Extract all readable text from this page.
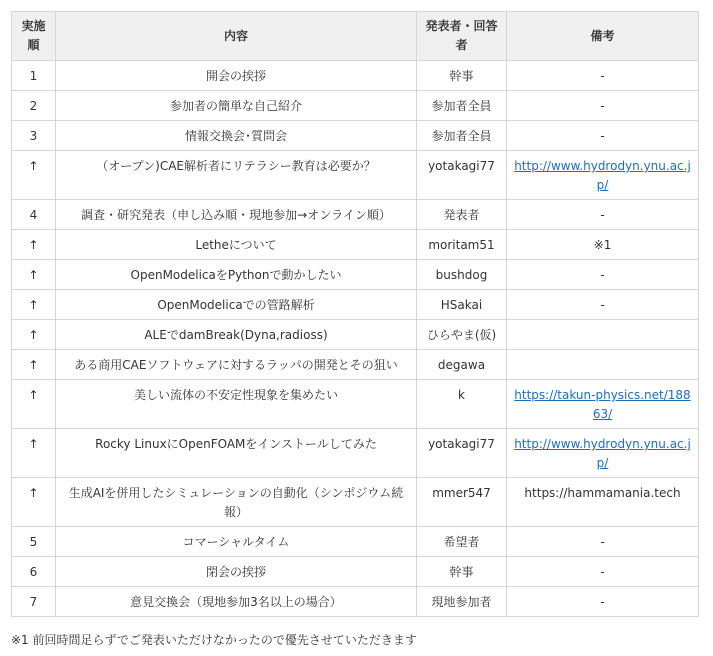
実施順	内容	発表者・回答者	備考
1	開会の挨拶	幹事	-
2	参加者の簡単な自己紹介	参加者全員	-
3	情報交換会･質問会	参加者全員	-
↑	（オープン)CAE解析者にリテラシー教育は必要か？	yotakagi77	http://www.hydrodyn.ynu.ac.jp/
4	調査・研究発表（申し込み順・現地参加→オンライン順）	発表者	-
↑	Letheについて	moritam51	※1
↑	OpenModelicaをPythonで動かしたい	bushdog	-
↑	OpenModelicaでの管路解析	HSakai	-
↑	ALEでdamBreak(Dyna,radioss)	ひらやま(仮)	
↑	ある商用CAEソフトウェアに対するラッパの開発とその狙い	degawa	
↑	美しい流体の不安定性現象を集めたい	k	https://takun-physics.net/18863/
↑	Rocky LinuxにOpenFOAMをインストールしてみた	yotakagi77	http://www.hydrodyn.ynu.ac.jp/
↑	生成AIを併用したシミュレーションの自動化（シンポジウム続報）	mmer547	https://hammamania.tech
5	コマーシャルタイム	希望者	-
6	閉会の挨拶	幹事	-
7	意見交換会（現地参加3名以上の場合）	現地参加者	-
※1 前回時間足らずでご発表いただけなかったので優先させていただきます
